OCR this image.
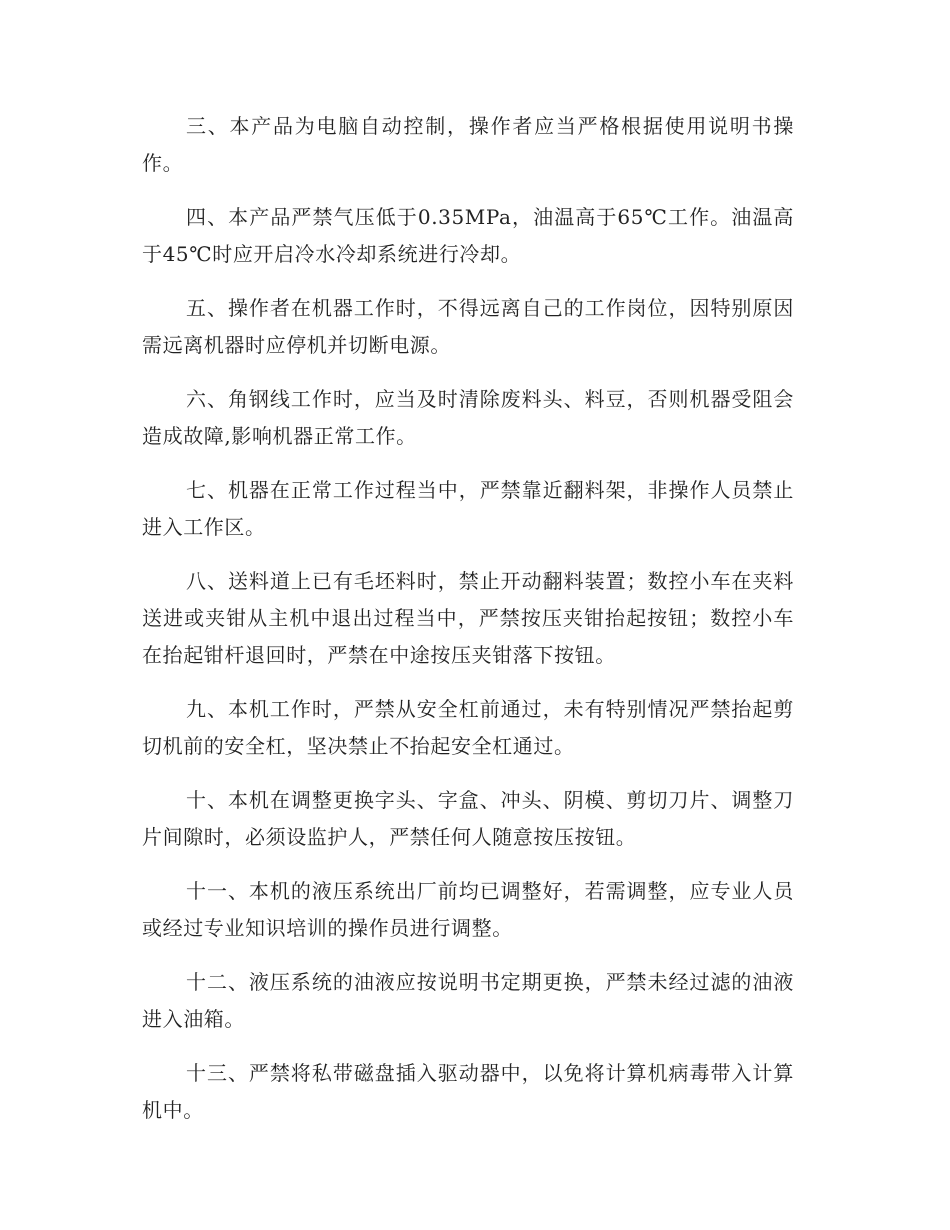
三、本产品为电脑自动控制，操作者应当严格根据使用说明书操作。

四、本产品严禁气压低于0.35MPa，油温高于65℃工作。油温高于45℃时应开启冷水冷却系统进行冷却。

五、操作者在机器工作时，不得远离自己的工作岗位，因特别原因需远离机器时应停机并切断电源。

六、角钢线工作时，应当及时清除废料头、料豆，否则机器受阻会造成故障,影响机器正常工作。

七、机器在正常工作过程当中，严禁靠近翻料架，非操作人员禁止进入工作区。

八、送料道上已有毛坯料时，禁止开动翻料装置；数控小车在夹料送进或夹钳从主机中退出过程当中，严禁按压夹钳抬起按钮；数控小车在抬起钳杆退回时，严禁在中途按压夹钳落下按钮。

九、本机工作时，严禁从安全杠前通过，未有特别情况严禁抬起剪切机前的安全杠，坚决禁止不抬起安全杠通过。

十、本机在调整更换字头、字盒、冲头、阴模、剪切刀片、调整刀片间隙时，必须设监护人，严禁任何人随意按压按钮。

十一、本机的液压系统出厂前均已调整好，若需调整，应专业人员或经过专业知识培训的操作员进行调整。

十二、液压系统的油液应按说明书定期更换，严禁未经过滤的油液进入油箱。

十三、严禁将私带磁盘插入驱动器中，以免将计算机病毒带入计算机中。
